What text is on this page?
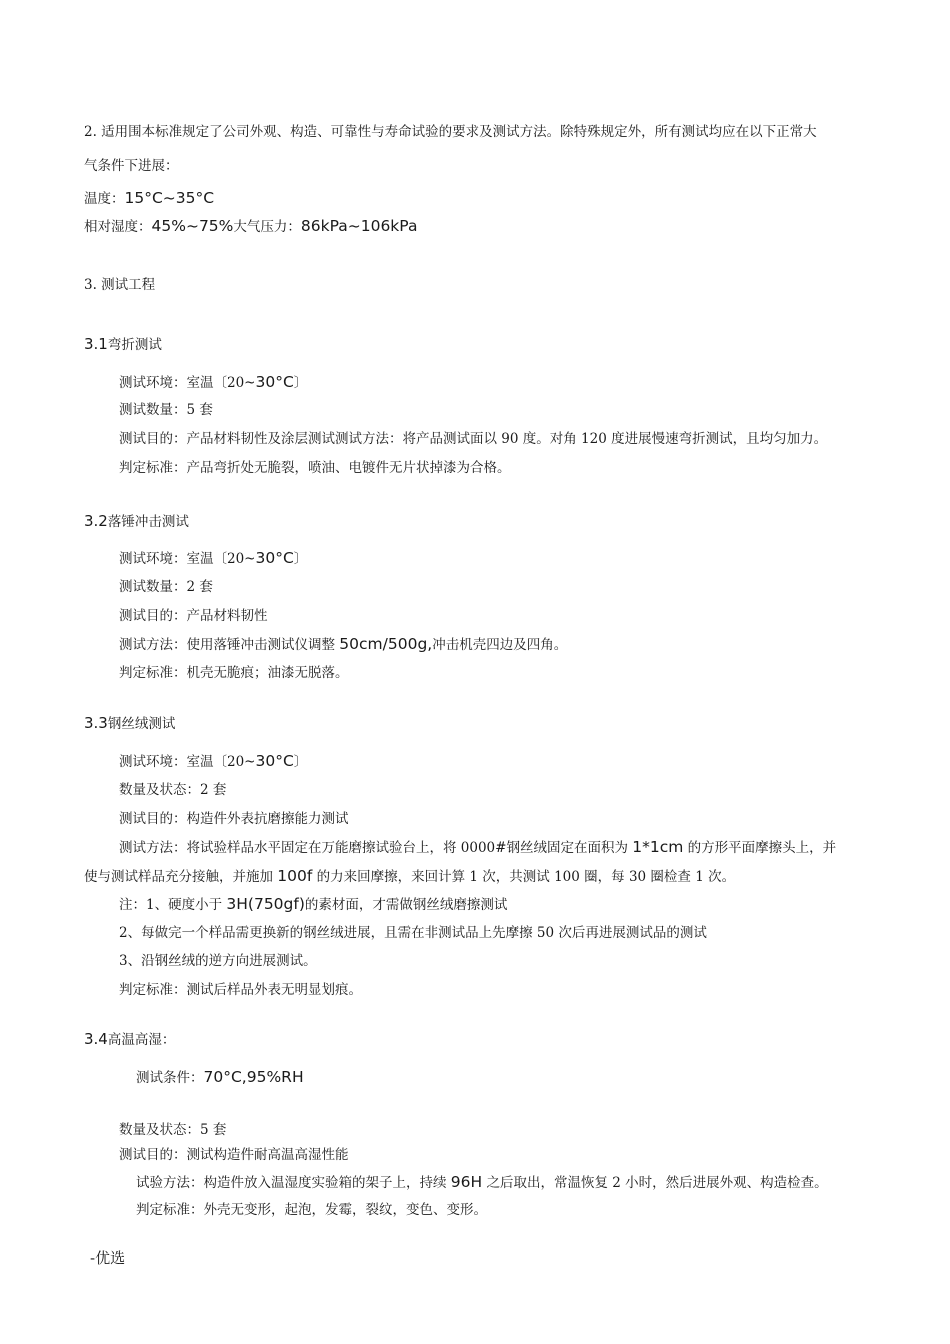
2. 适用围本标准规定了公司外观、构造、可靠性与寿命试验的要求及测试方法。除特殊规定外，所有测试均应在以下正常大
气条件下进展：
温度：15°C~35°C
相对湿度：45%~75%大气压力：86kPa~106kPa
3. 测试工程
3.1弯折测试
测试环境：室温〔20~30°C〕
测试数量：5 套
测试目的：产品材料韧性及涂层测试测试方法：将产品测试面以 90 度。对角 120 度进展慢速弯折测试，且均匀加力。
判定标准：产品弯折处无脆裂，喷油、电镀件无片状掉漆为合格。
3.2落锤冲击测试
测试环境：室温〔20~30°C〕
测试数量：2 套
测试目的：产品材料韧性
测试方法：使用落锤冲击测试仪调整 50cm/500g,冲击机壳四边及四角。
判定标准：机壳无脆痕；油漆无脱落。
3.3钢丝绒测试
测试环境：室温〔20~30°C〕
数量及状态：2 套
测试目的：构造件外表抗磨擦能力测试
测试方法：将试验样品水平固定在万能磨擦试验台上，将 0000#钢丝绒固定在面积为 1*1cm 的方形平面摩擦头上，并
使与测试样品充分接触，并施加 100f 的力来回摩擦，来回计算 1 次，共测试 100 圈，每 30 圈检查 1 次。
注：1、硬度小于 3H(750gf)的素材面，才需做钢丝绒磨擦测试
2、每做完一个样品需更换新的钢丝绒进展，且需在非测试品上先摩擦 50 次后再进展测试品的测试
3、沿钢丝绒的逆方向进展测试。
判定标准：测试后样品外表无明显划痕。
3.4高温高湿：
测试条件：70°C,95%RH
数量及状态：5 套
测试目的：测试构造件耐高温高湿性能
试验方法：构造件放入温湿度实验箱的架子上，持续 96H 之后取出，常温恢复 2 小时，然后进展外观、构造检查。
判定标准：外壳无变形，起泡，发霉，裂纹，变色、变形。
-优选
